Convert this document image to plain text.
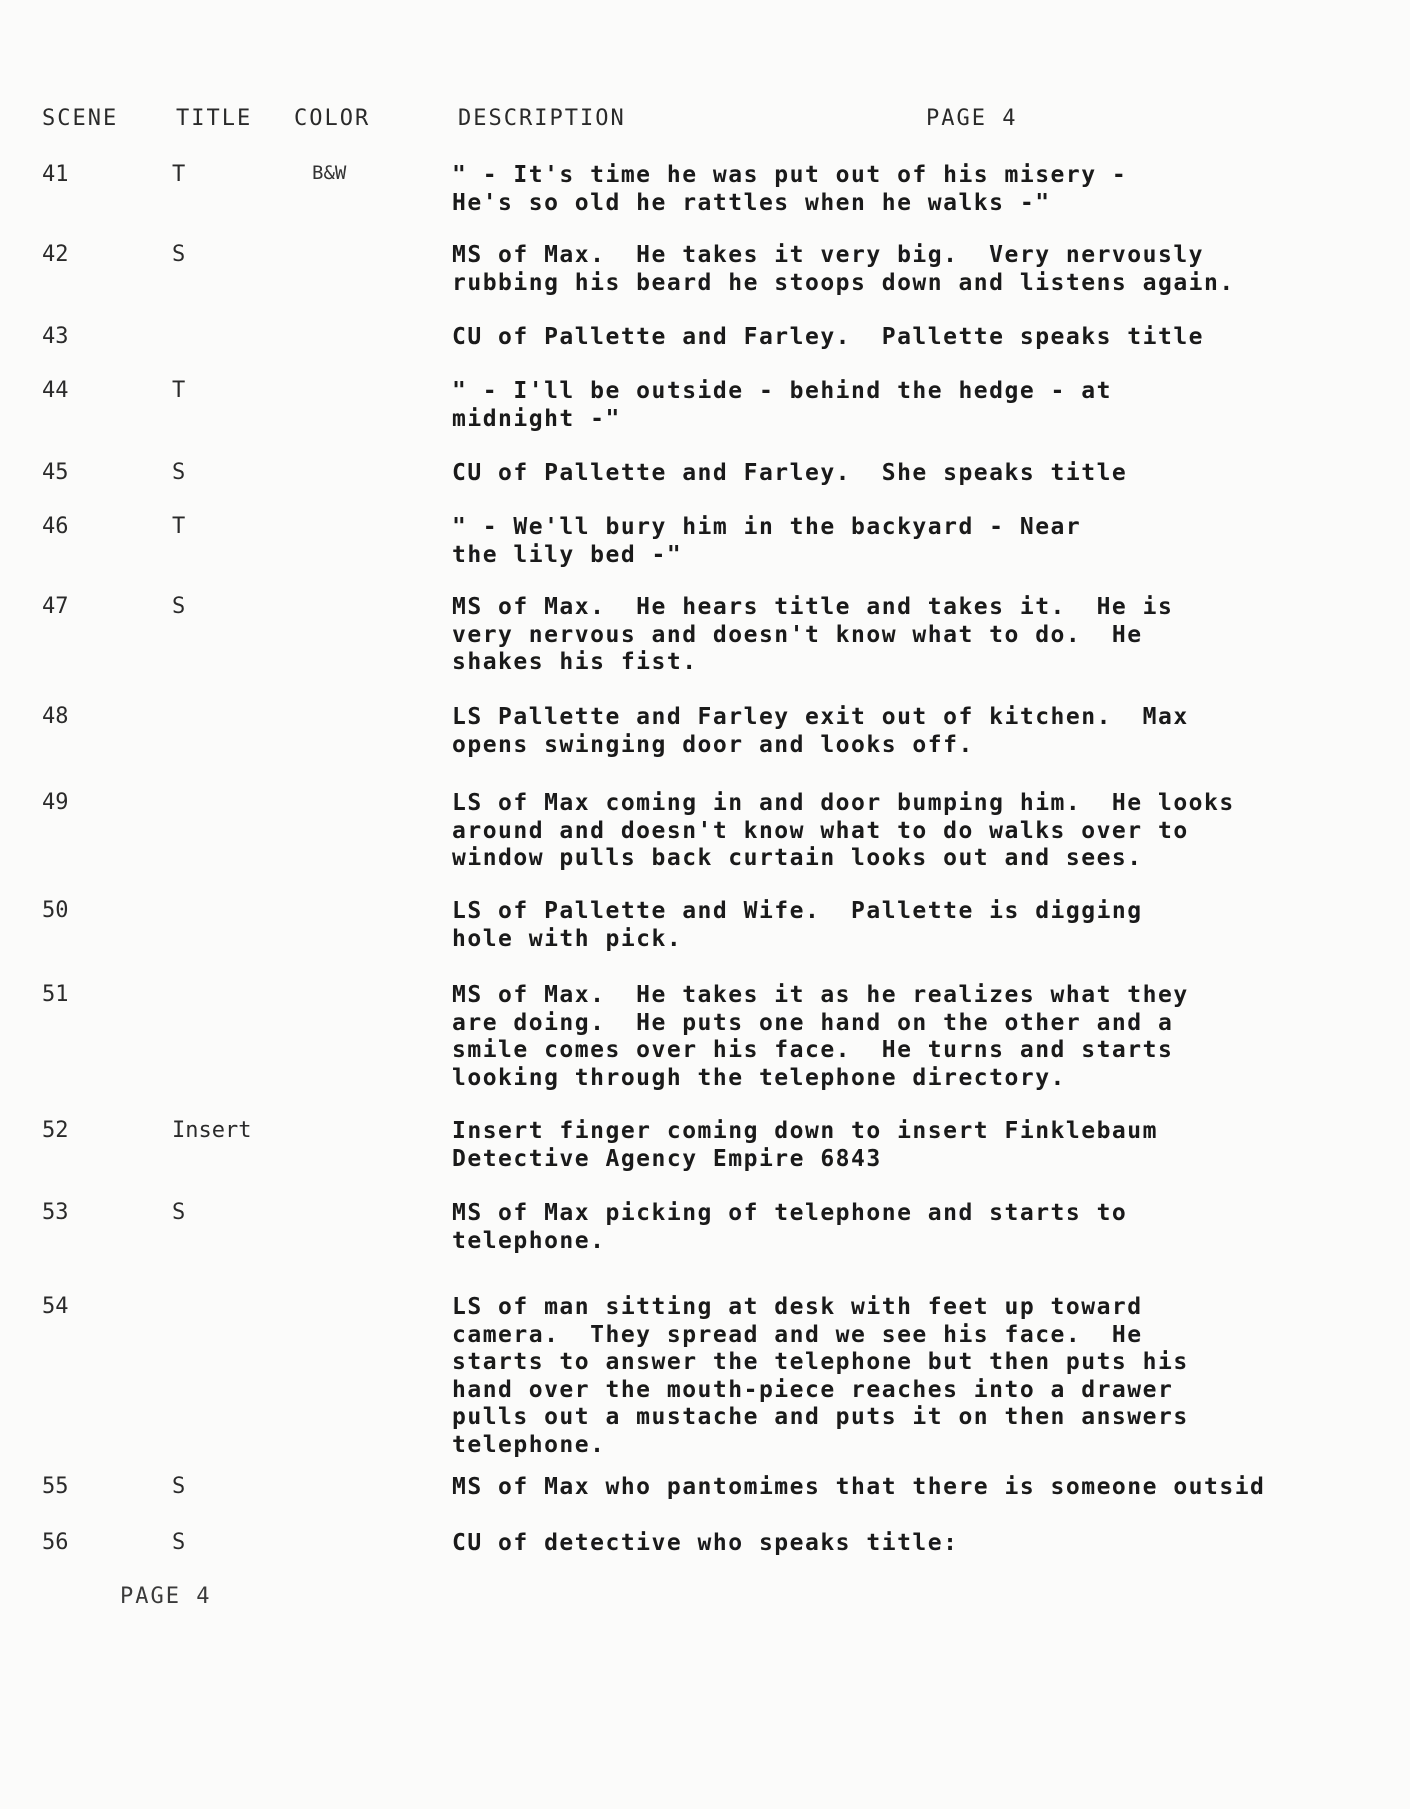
SCENE	TITLE COLOR	DESCRIPTION	PAGE 4
41	T	B&W	" - It's time he was put out of his misery -
He's so old he rattles when he walks -"
42	S	MS of Max.  He takes it very big.  Very nervously
rubbing his beard he stoops down and listens again.
43	CU of Pallette and Farley.  Pallette speaks title
44	T	" - I'll be outside - behind the hedge - at
midnight -"
45	S	CU of Pallette and Farley.  She speaks title
46	T	" - We'll bury him in the backyard - Near
the lily bed -"
47	S	MS of Max.  He hears title and takes it.  He is
very nervous and doesn't know what to do.  He
shakes his fist.
48	LS Pallette and Farley exit out of kitchen.  Max
opens swinging door and looks off.
49	LS of Max coming in and door bumping him.  He looks
around and doesn't know what to do walks over to
window pulls back curtain looks out and sees.
50	LS of Pallette and Wife.  Pallette is digging
hole with pick.
51	MS of Max.  He takes it as he realizes what they
are doing.  He puts one hand on the other and a
smile comes over his face.  He turns and starts
looking through the telephone directory.
52	Insert	Insert finger coming down to insert Finklebaum
Detective Agency Empire 6843
53	S	MS of Max picking of telephone and starts to
telephone.
54	LS of man sitting at desk with feet up toward
camera.  They spread and we see his face.  He
starts to answer the telephone but then puts his
hand over the mouth-piece reaches into a drawer
pulls out a mustache and puts it on then answers
telephone.
55	S	MS of Max who pantomimes that there is someone outsid
56	S	CU of detective who speaks title:
PAGE 4
